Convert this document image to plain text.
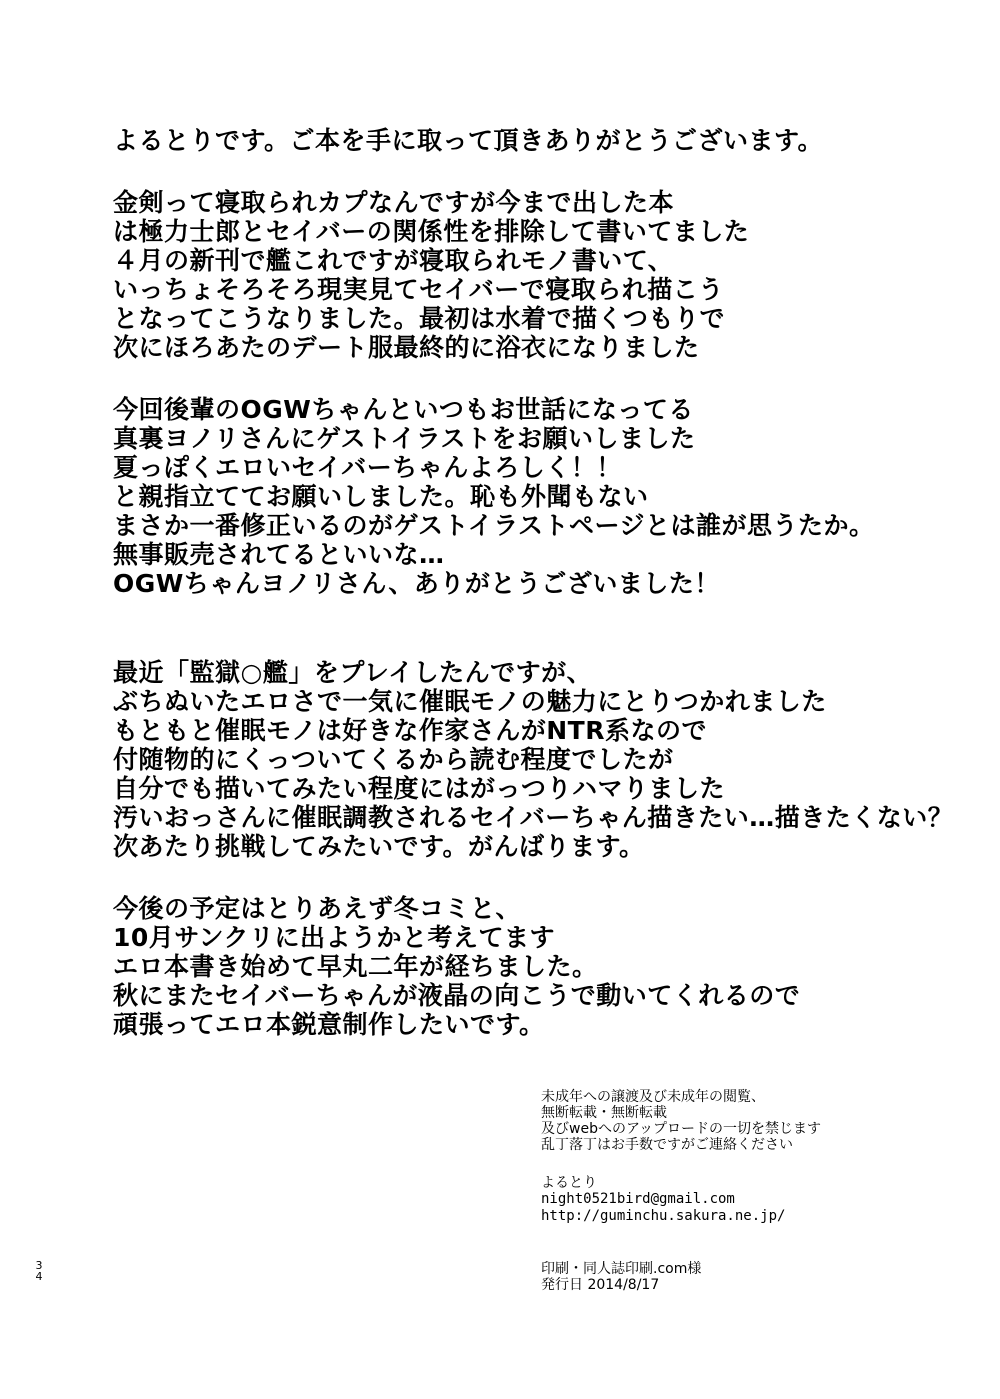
よるとりです。ご本を手に取って頂きありがとうございます。
金剣って寝取られカプなんですが今まで出した本
は極力士郎とセイバーの関係性を排除して書いてました
４月の新刊で艦これですが寝取られモノ書いて、
いっちょそろそろ現実見てセイバーで寝取られ描こう
となってこうなりました。最初は水着で描くつもりで
次にほろあたのデート服最終的に浴衣になりました
今回後輩のOGWちゃんといつもお世話になってる
真裏ヨノリさんにゲストイラストをお願いしました
夏っぽくエロいセイバーちゃんよろしく！！
と親指立ててお願いしました。恥も外聞もない
まさか一番修正いるのがゲストイラストページとは誰が思うたか。
無事販売されてるといいな…
OGWちゃんヨノリさん、ありがとうございました！
最近「監獄○艦」をプレイしたんですが、
ぶちぬいたエロさで一気に催眠モノの魅力にとりつかれました
もともと催眠モノは好きな作家さんがNTR系なので
付随物的にくっついてくるから読む程度でしたが
自分でも描いてみたい程度にはがっつりハマりました
汚いおっさんに催眠調教されるセイバーちゃん描きたい…描きたくない？
次あたり挑戦してみたいです。がんばります。
今後の予定はとりあえず冬コミと、
10月サンクリに出ようかと考えてます
エロ本書き始めて早丸二年が経ちました。
秋にまたセイバーちゃんが液晶の向こうで動いてくれるので
頑張ってエロ本鋭意制作したいです。
未成年への譲渡及び未成年の閲覧、
無断転載・無断転載
及びwebへのアップロードの一切を禁じます
乱丁落丁はお手数ですがご連絡ください
よるとり
night0521bird@gmail.com
http://guminchu.sakura.ne.jp/
印刷・同人誌印刷.com様
発行日 2014/8/17
3
4
